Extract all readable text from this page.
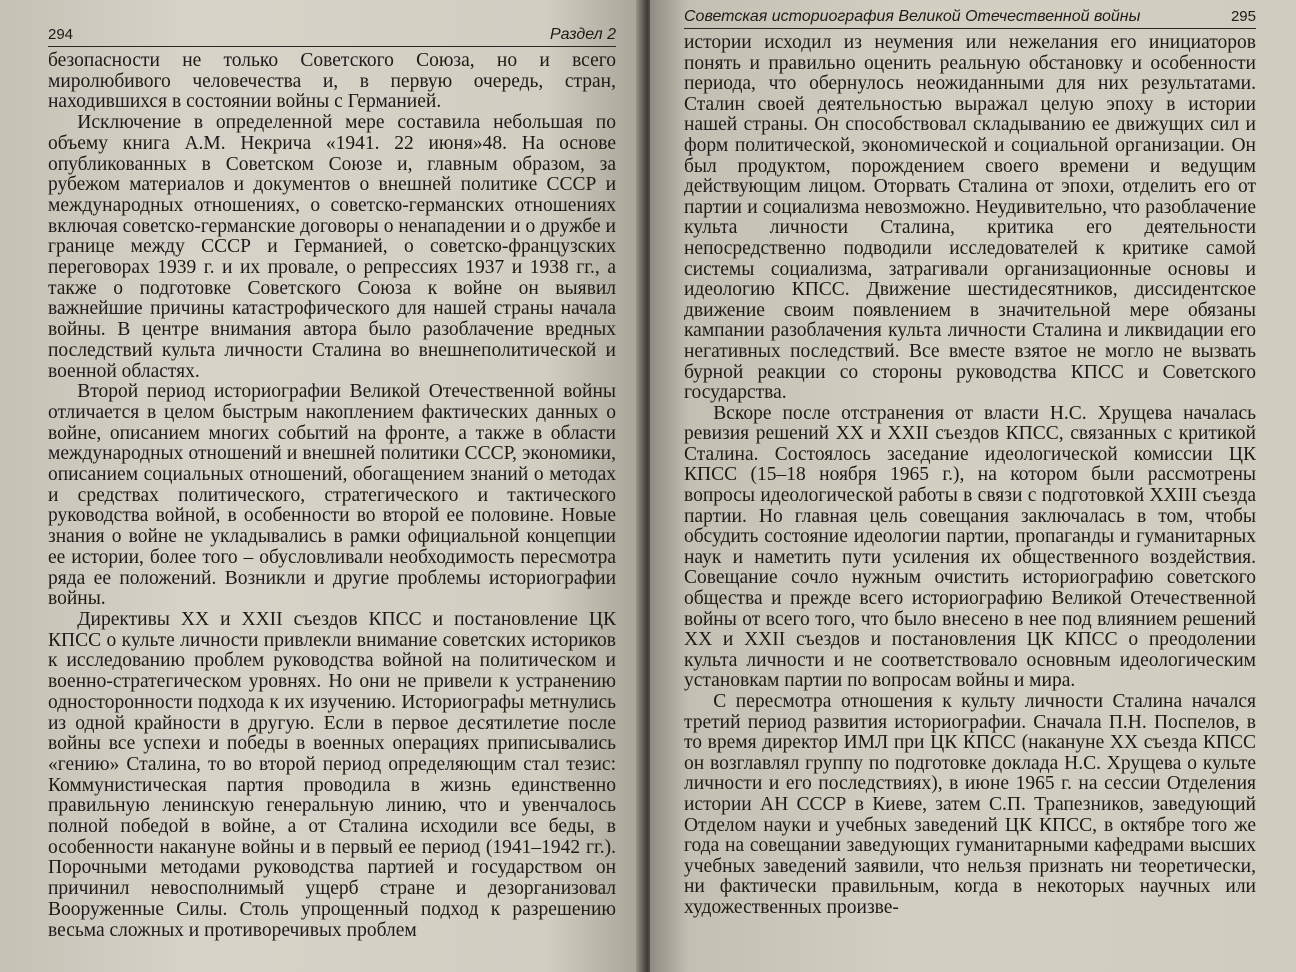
294	Раздел 2

безопасности не только Советского Союза, но и всего миролюбивого человечества и, в первую очередь, стран, находившихся в состоянии войны с Германией.

Исключение в определенной мере составила небольшая по объему книга А.М. Некрича «1941. 22 июня»48. На основе опубликованных в Советском Союзе и, главным образом, за рубежом материалов и документов о внешней политике СССР и международных отношениях, о советско-германских отношениях включая советско-германские договоры о ненападении и о дружбе и границе между СССР и Германией, о советско-французских переговорах 1939 г. и их провале, о репрессиях 1937 и 1938 гг., а также о подготовке Советского Союза к войне он выявил важнейшие причины катастрофического для нашей страны начала войны. В центре внимания автора было разоблачение вредных последствий культа личности Сталина во внешнеполитической и военной областях.

Второй период историографии Великой Отечественной войны отличается в целом быстрым накоплением фактических данных о войне, описанием многих событий на фронте, а также в области международных отношений и внешней политики СССР, экономики, описанием социальных отношений, обогащением знаний о методах и средствах политического, стратегического и тактического руководства войной, в особенности во второй ее половине. Новые знания о войне не укладывались в рамки официальной концепции ее истории, более того – обусловливали необходимость пересмотра ряда ее положений. Возникли и другие проблемы историографии войны.

Директивы XX и XXII съездов КПСС и постановление ЦК КПСС о культе личности привлекли внимание советских историков к исследованию проблем руководства войной на политическом и военно-стратегическом уровнях. Но они не привели к устранению односторонности подхода к их изучению. Историографы метнулись из одной крайности в другую. Если в первое десятилетие после войны все успехи и победы в военных операциях приписывались «гению» Сталина, то во второй период определяющим стал тезис: Коммунистическая партия проводила в жизнь единственно правильную ленинскую генеральную линию, что и увенчалось полной победой в войне, а от Сталина исходили все беды, в особенности накануне войны и в первый ее период (1941–1942 гг.). Порочными методами руководства партией и государством он причинил невосполнимый ущерб стране и дезорганизовал Вооруженные Силы. Столь упрощенный подход к разрешению весьма сложных и противоречивых проблем

Советская историография Великой Отечественной войны	295

истории исходил из неумения или нежелания его инициаторов понять и правильно оценить реальную обстановку и особенности периода, что обернулось неожиданными для них результатами. Сталин своей деятельностью выражал целую эпоху в истории нашей страны. Он способствовал складыванию ее движущих сил и форм политической, экономической и социальной организации. Он был продуктом, порождением своего времени и ведущим действующим лицом. Оторвать Сталина от эпохи, отделить его от партии и социализма невозможно. Неудивительно, что разоблачение культа личности Сталина, критика его деятельности непосредственно подводили исследователей к критике самой системы социализма, затрагивали организационные основы и идеологию КПСС. Движение шестидесятников, диссидентское движение своим появлением в значительной мере обязаны кампании разоблачения культа личности Сталина и ликвидации его негативных последствий. Все вместе взятое не могло не вызвать бурной реакции со стороны руководства КПСС и Советского государства.

Вскоре после отстранения от власти Н.С. Хрущева началась ревизия решений XX и XXII съездов КПСС, связанных с критикой Сталина. Состоялось заседание идеологической комиссии ЦК КПСС (15–18 ноября 1965 г.), на котором были рассмотрены вопросы идеологической работы в связи с подготовкой XXIII съезда партии. Но главная цель совещания заключалась в том, чтобы обсудить состояние идеологии партии, пропаганды и гуманитарных наук и наметить пути усиления их общественного воздействия. Совещание сочло нужным очистить историографию советского общества и прежде всего историографию Великой Отечественной войны от всего того, что было внесено в нее под влиянием решений XX и XXII съездов и постановления ЦК КПСС о преодолении культа личности и не соответствовало основным идеологическим установкам партии по вопросам войны и мира.

С пересмотра отношения к культу личности Сталина начался третий период развития историографии. Сначала П.Н. Поспелов, в то время директор ИМЛ при ЦК КПСС (накануне XX съезда КПСС он возглавлял группу по подготовке доклада Н.С. Хрущева о культе личности и его последствиях), в июне 1965 г. на сессии Отделения истории АН СССР в Киеве, затем С.П. Трапезников, заведующий Отделом науки и учебных заведений ЦК КПСС, в октябре того же года на совещании заведующих гуманитарными кафедрами высших учебных заведений заявили, что нельзя признать ни теоретически, ни фактически правильным, когда в некоторых научных или художественных произве-
